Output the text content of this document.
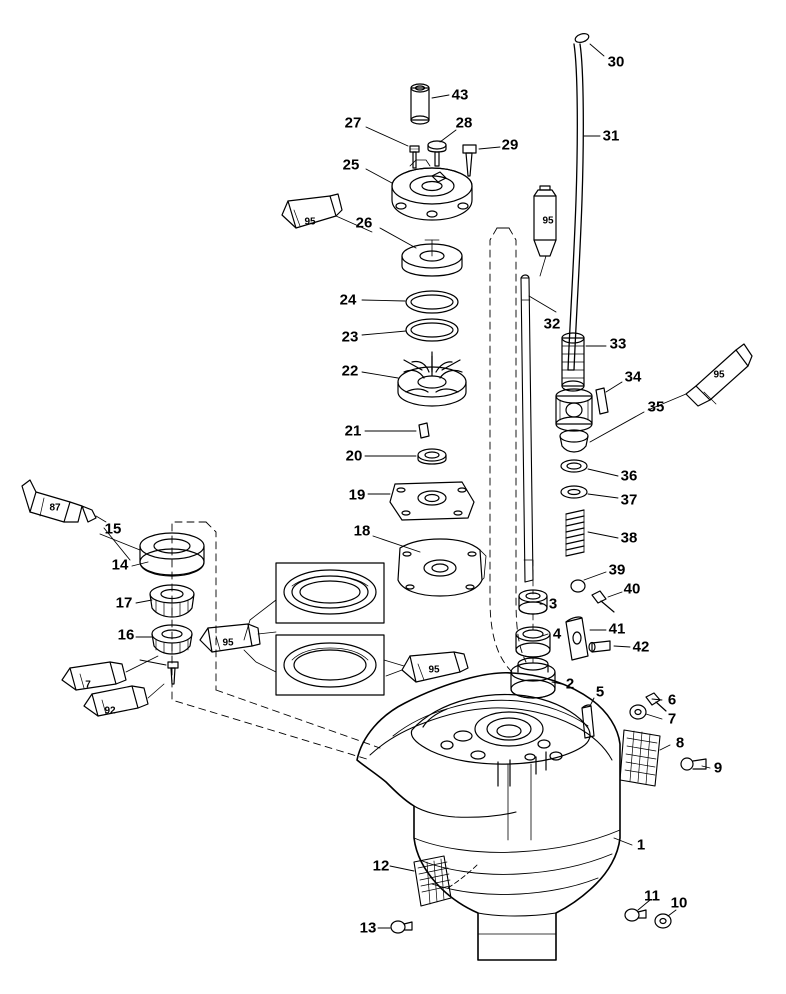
1
2
3
4
5	6
7
8
9
10
11
12
13
14
15
16
17
18
19
20
21
22
23
24
25
26
27	28
29
30
31
32
33
34
35
36
37
38
39
40
41
42
43
95	95
95
95
95
87
7
92
